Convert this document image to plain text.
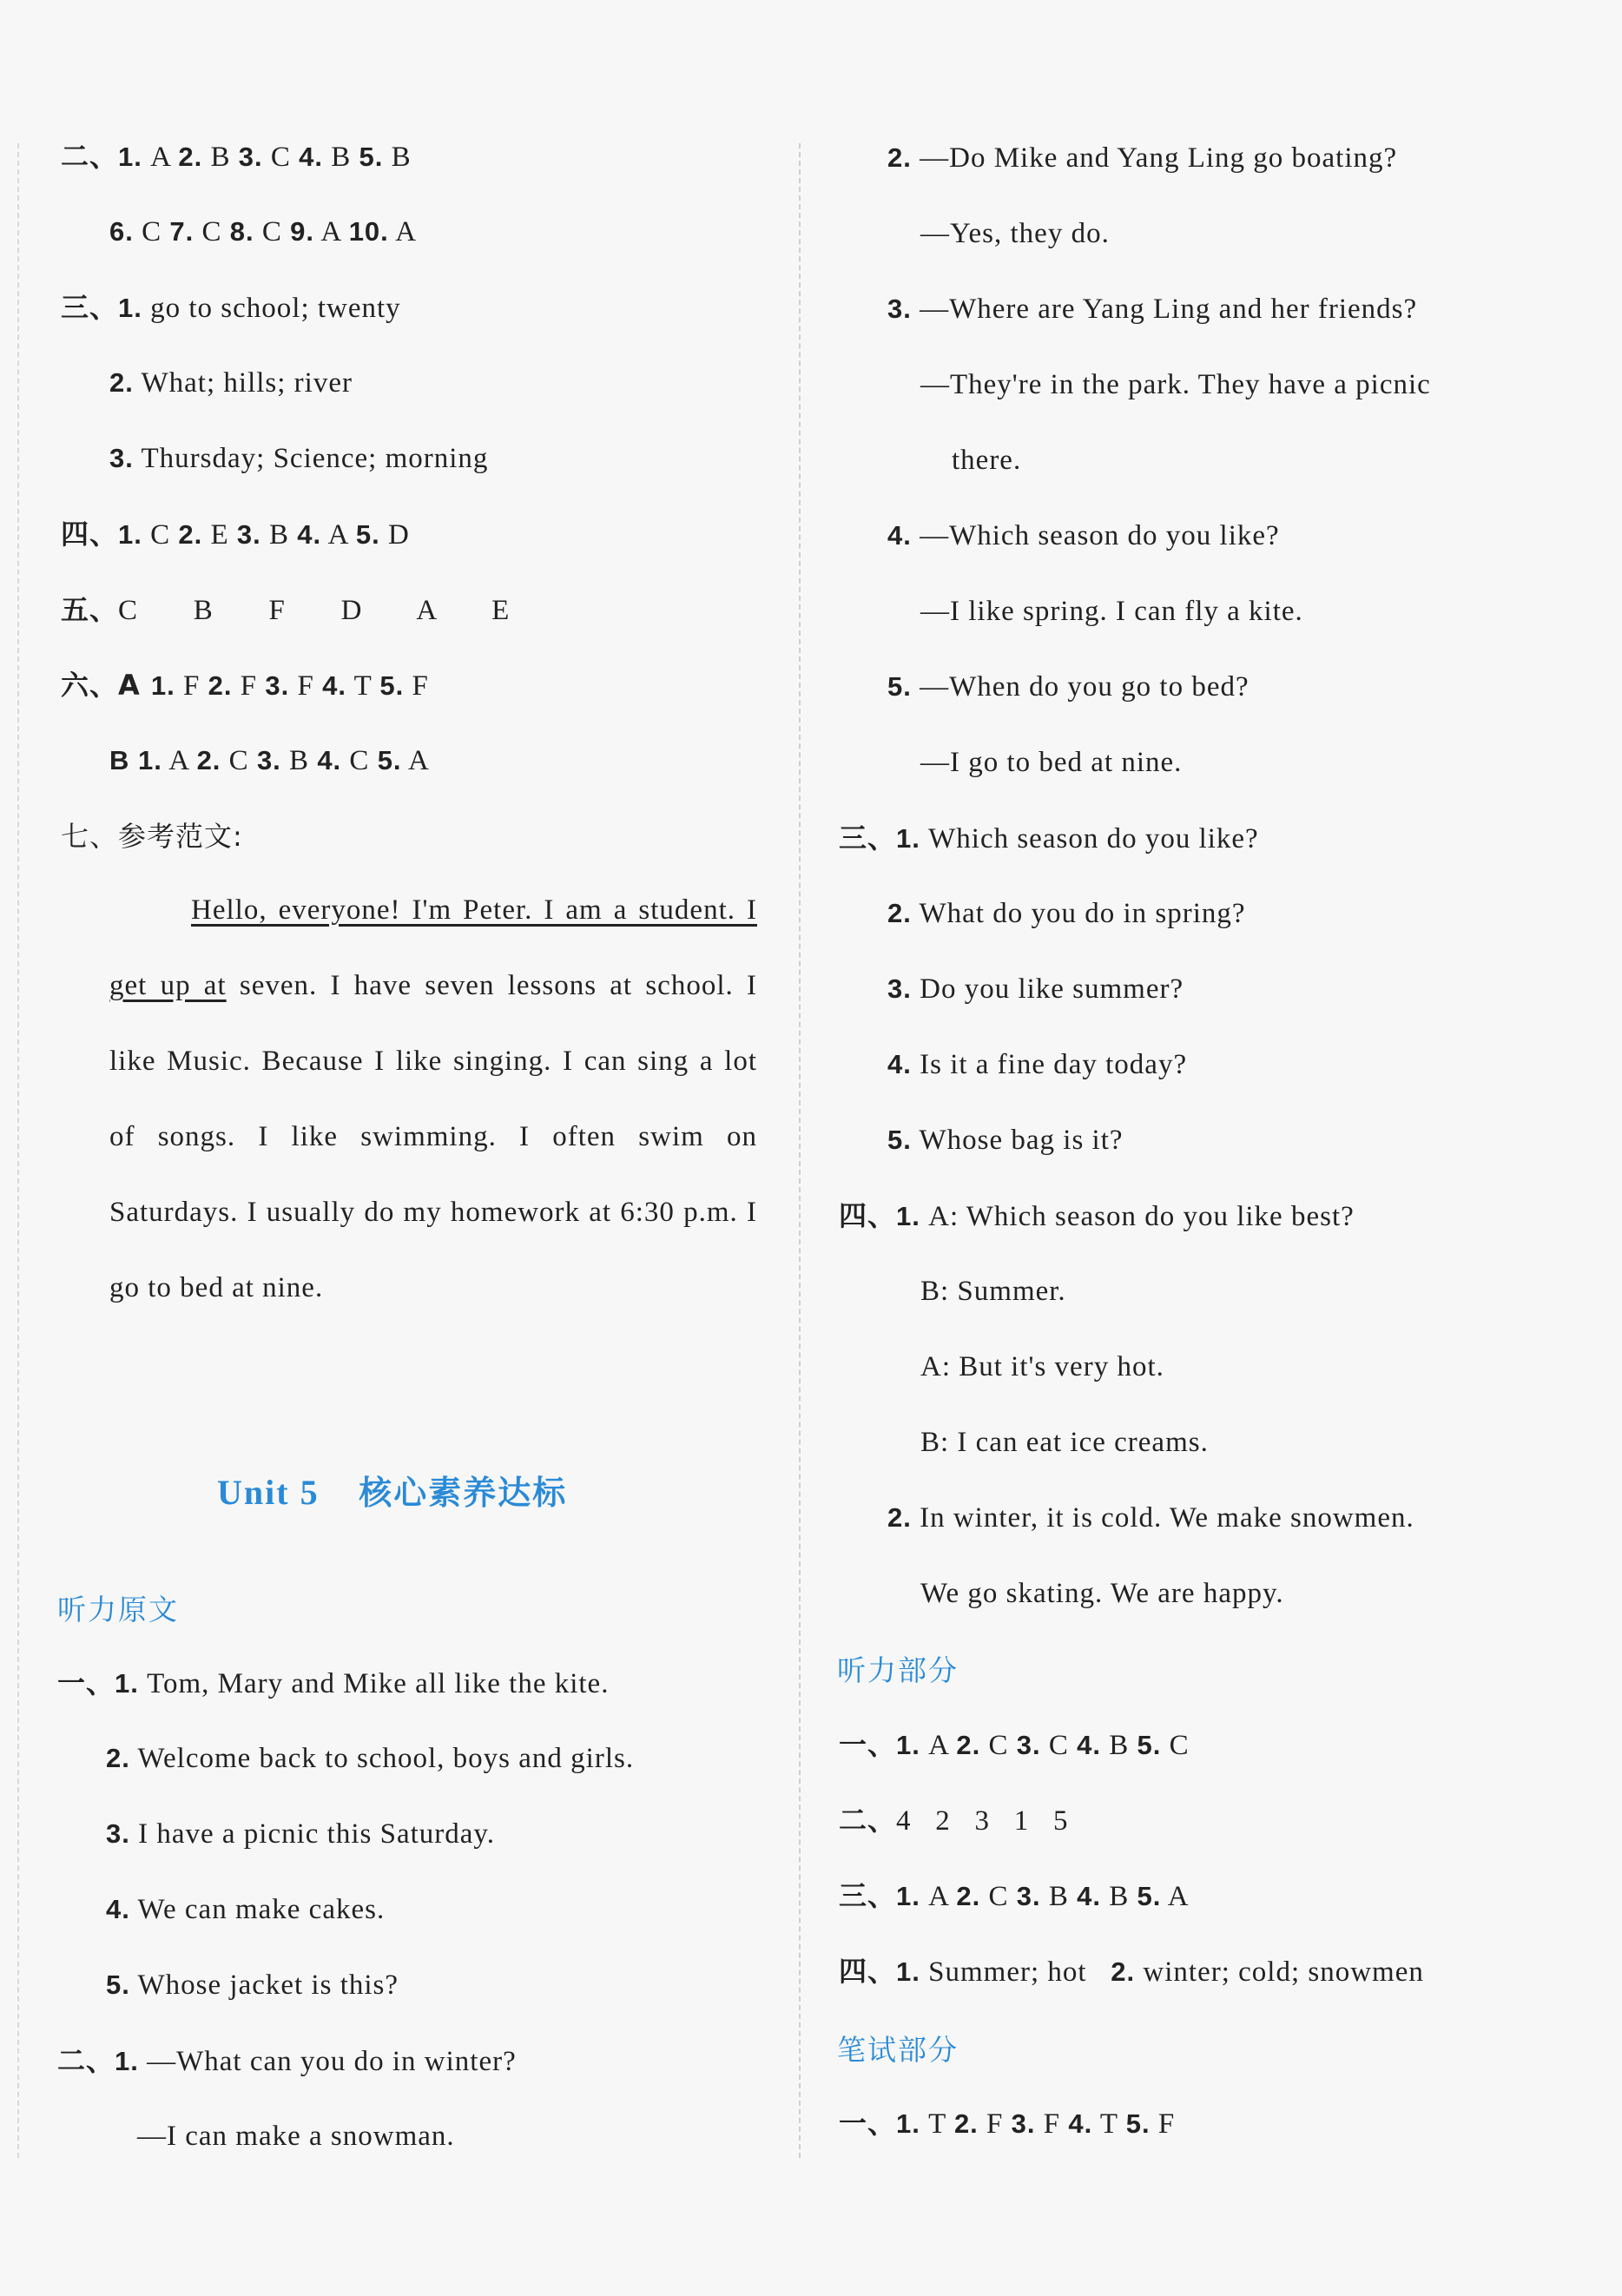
二、1. A 2. B 3. C 4. B 5. B
6. C 7. C 8. C 9. A 10. A
三、1. go to school; twenty
2. What; hills; river
3. Thursday; Science; morning
四、1. C 2. E 3. B 4. A 5. D
五、C   B   F   D   A   E
六、A 1. F 2. F 3. F 4. T 5. F
B 1. A 2. C 3. B 4. C 5. A
七、参考范文:
Hello, everyone! I'm Peter. I am a student. I get up at seven. I have seven lessons at school. I like Music. Because I like singing. I can sing a lot of songs. I like swimming. I often swim on Saturdays. I usually do my homework at 6:30 p.m. I go to bed at nine.
Unit 5 核心素养达标
听力原文
一、1. Tom, Mary and Mike all like the kite.
2. Welcome back to school, boys and girls.
3. I have a picnic this Saturday.
4. We can make cakes.
5. Whose jacket is this?
二、1. —What can you do in winter?
—I can make a snowman.
2. —Do Mike and Yang Ling go boating?
—Yes, they do.
3. —Where are Yang Ling and her friends?
—They're in the park. They have a picnic
there.
4. —Which season do you like?
—I like spring. I can fly a kite.
5. —When do you go to bed?
—I go to bed at nine.
三、1. Which season do you like?
2. What do you do in spring?
3. Do you like summer?
4. Is it a fine day today?
5. Whose bag is it?
四、1. A: Which season do you like best?
B: Summer.
A: But it's very hot.
B: I can eat ice creams.
2. In winter, it is cold. We make snowmen.
We go skating. We are happy.
听力部分
一、1. A 2. C 3. C 4. B 5. C
二、4   2   3   1   5
三、1. A 2. C 3. B 4. B 5. A
四、1. Summer; hot   2. winter; cold; snowmen
笔试部分
一、1. T 2. F 3. F 4. T 5. F
